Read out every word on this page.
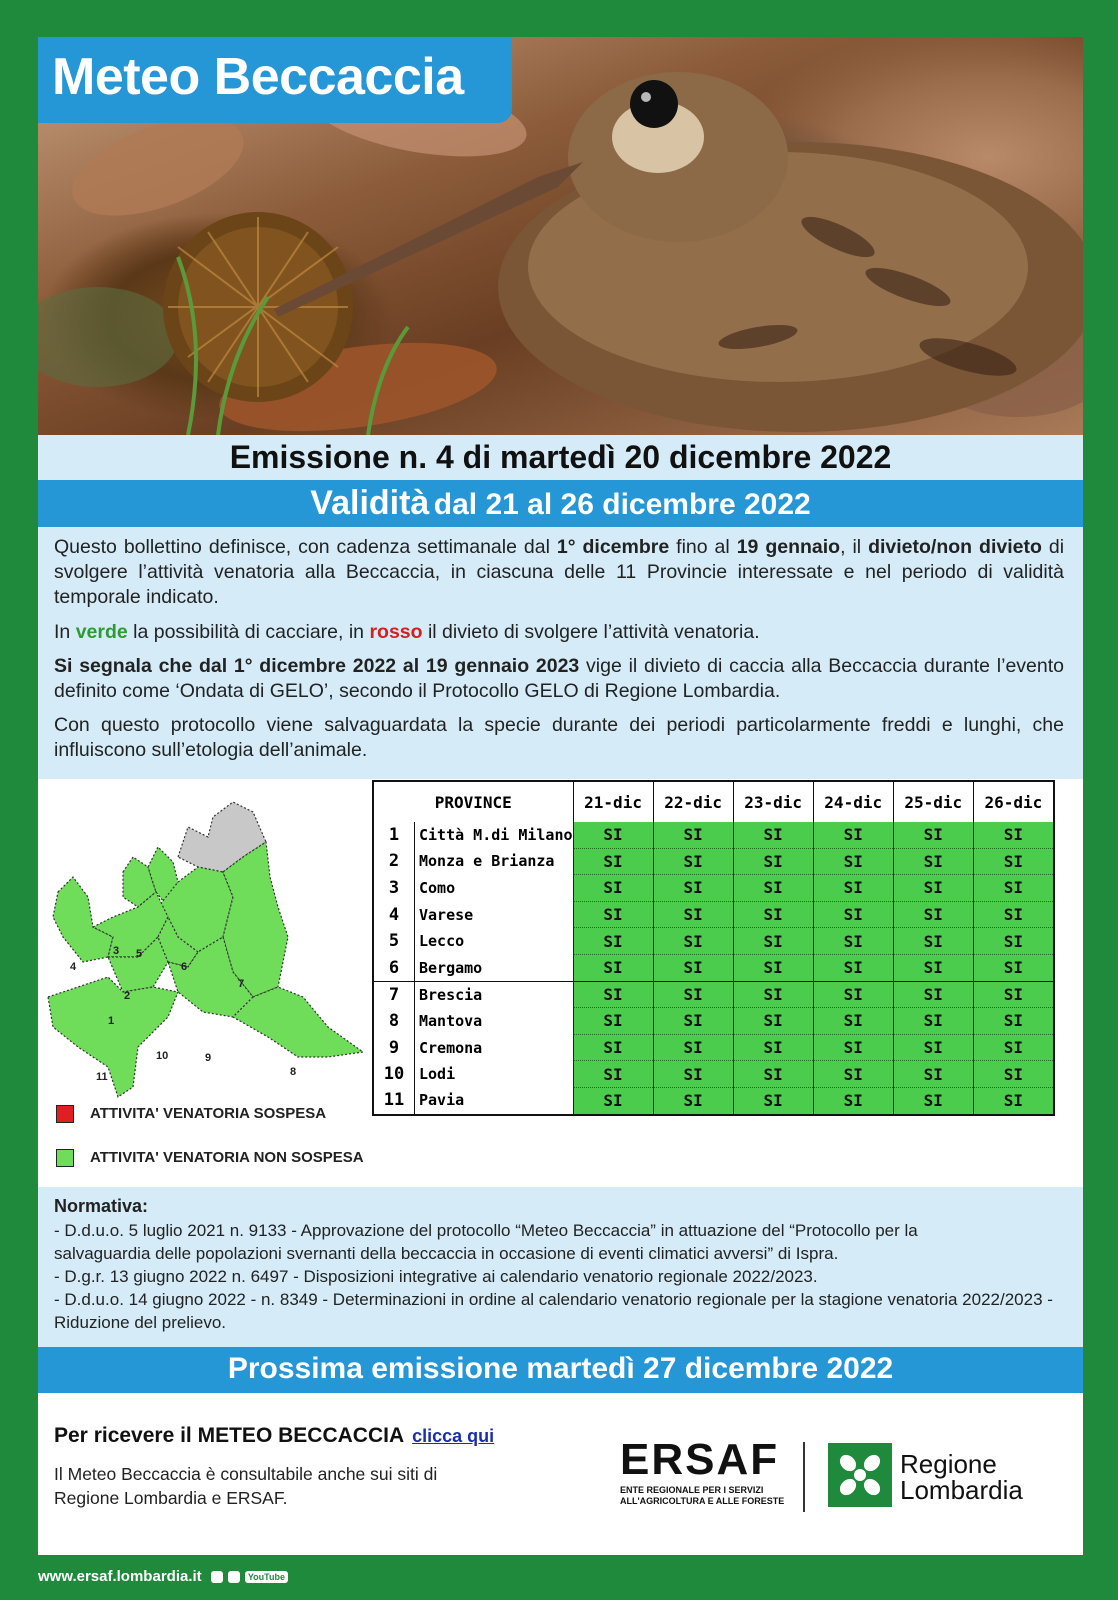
Meteo Beccaccia
Emissione n. 4 di martedì 20 dicembre 2022
Validità dal 21 al 26 dicembre 2022

Questo bollettino definisce, con cadenza settimanale dal 1° dicembre fino al 19 gennaio, il divieto/non divieto di svolgere l’attività venatoria alla Beccaccia, in ciascuna delle 11 Provincie interessate e nel periodo di validità temporale indicato.

In verde la possibilità di cacciare, in rosso il divieto di svolgere l’attività venatoria.

Si segnala che dal 1° dicembre 2022 al 19 gennaio 2023 vige il divieto di caccia alla Beccaccia durante l’evento definito come ‘Ondata di GELO’, secondo il Protocollo GELO di Regione Lombardia.

Con questo protocollo viene salvaguardata la specie durante dei periodi particolarmente freddi e lunghi, che influiscono sull’etologia dell’animale.

1
2
3
4
5
6
7
8
9
10
11
ATTIVITA' VENATORIA SOSPESA
ATTIVITA' VENATORIA NON SOSPESA
PROVINCE		21-dic	22-dic	23-dic	24-dic	25-dic	26-dic
1	Città M.di Milano	SI	SI	SI	SI	SI	SI
2	Monza e Brianza	SI	SI	SI	SI	SI	SI
3	Como	SI	SI	SI	SI	SI	SI
4	Varese	SI	SI	SI	SI	SI	SI
5	Lecco	SI	SI	SI	SI	SI	SI
6	Bergamo	SI	SI	SI	SI	SI	SI
7	Brescia	SI	SI	SI	SI	SI	SI
8	Mantova	SI	SI	SI	SI	SI	SI
9	Cremona	SI	SI	SI	SI	SI	SI
10	Lodi	SI	SI	SI	SI	SI	SI
11	Pavia	SI	SI	SI	SI	SI	SI

Normativa:

- D.d.u.o. 5 luglio 2021 n. 9133 - Approvazione del protocollo “Meteo Beccaccia” in attuazione del “Protocollo per la salvaguardia delle popolazioni svernanti della beccaccia in occasione di eventi climatici avversi” di Ispra.

- D.g.r. 13 giugno 2022 n. 6497 - Disposizioni integrative ai calendario venatorio regionale 2022/2023.

- D.d.u.o. 14 giugno 2022 - n. 8349 - Determinazioni in ordine al calendario venatorio regionale per la stagione venatoria 2022/2023 - Riduzione del prelievo.

Prossima emissione martedì 27 dicembre 2022
Per ricevere il METEO BECCACCIA clicca qui
Il Meteo Beccaccia è consultabile anche sui siti di Regione Lombardia e ERSAF.
ERSAF
ENTE REGIONALE PER I SERVIZI
ALL'AGRICOLTURA E ALLE FORESTE
Regione
Lombardia
www.ersaf.lombardia.it	YouTube
